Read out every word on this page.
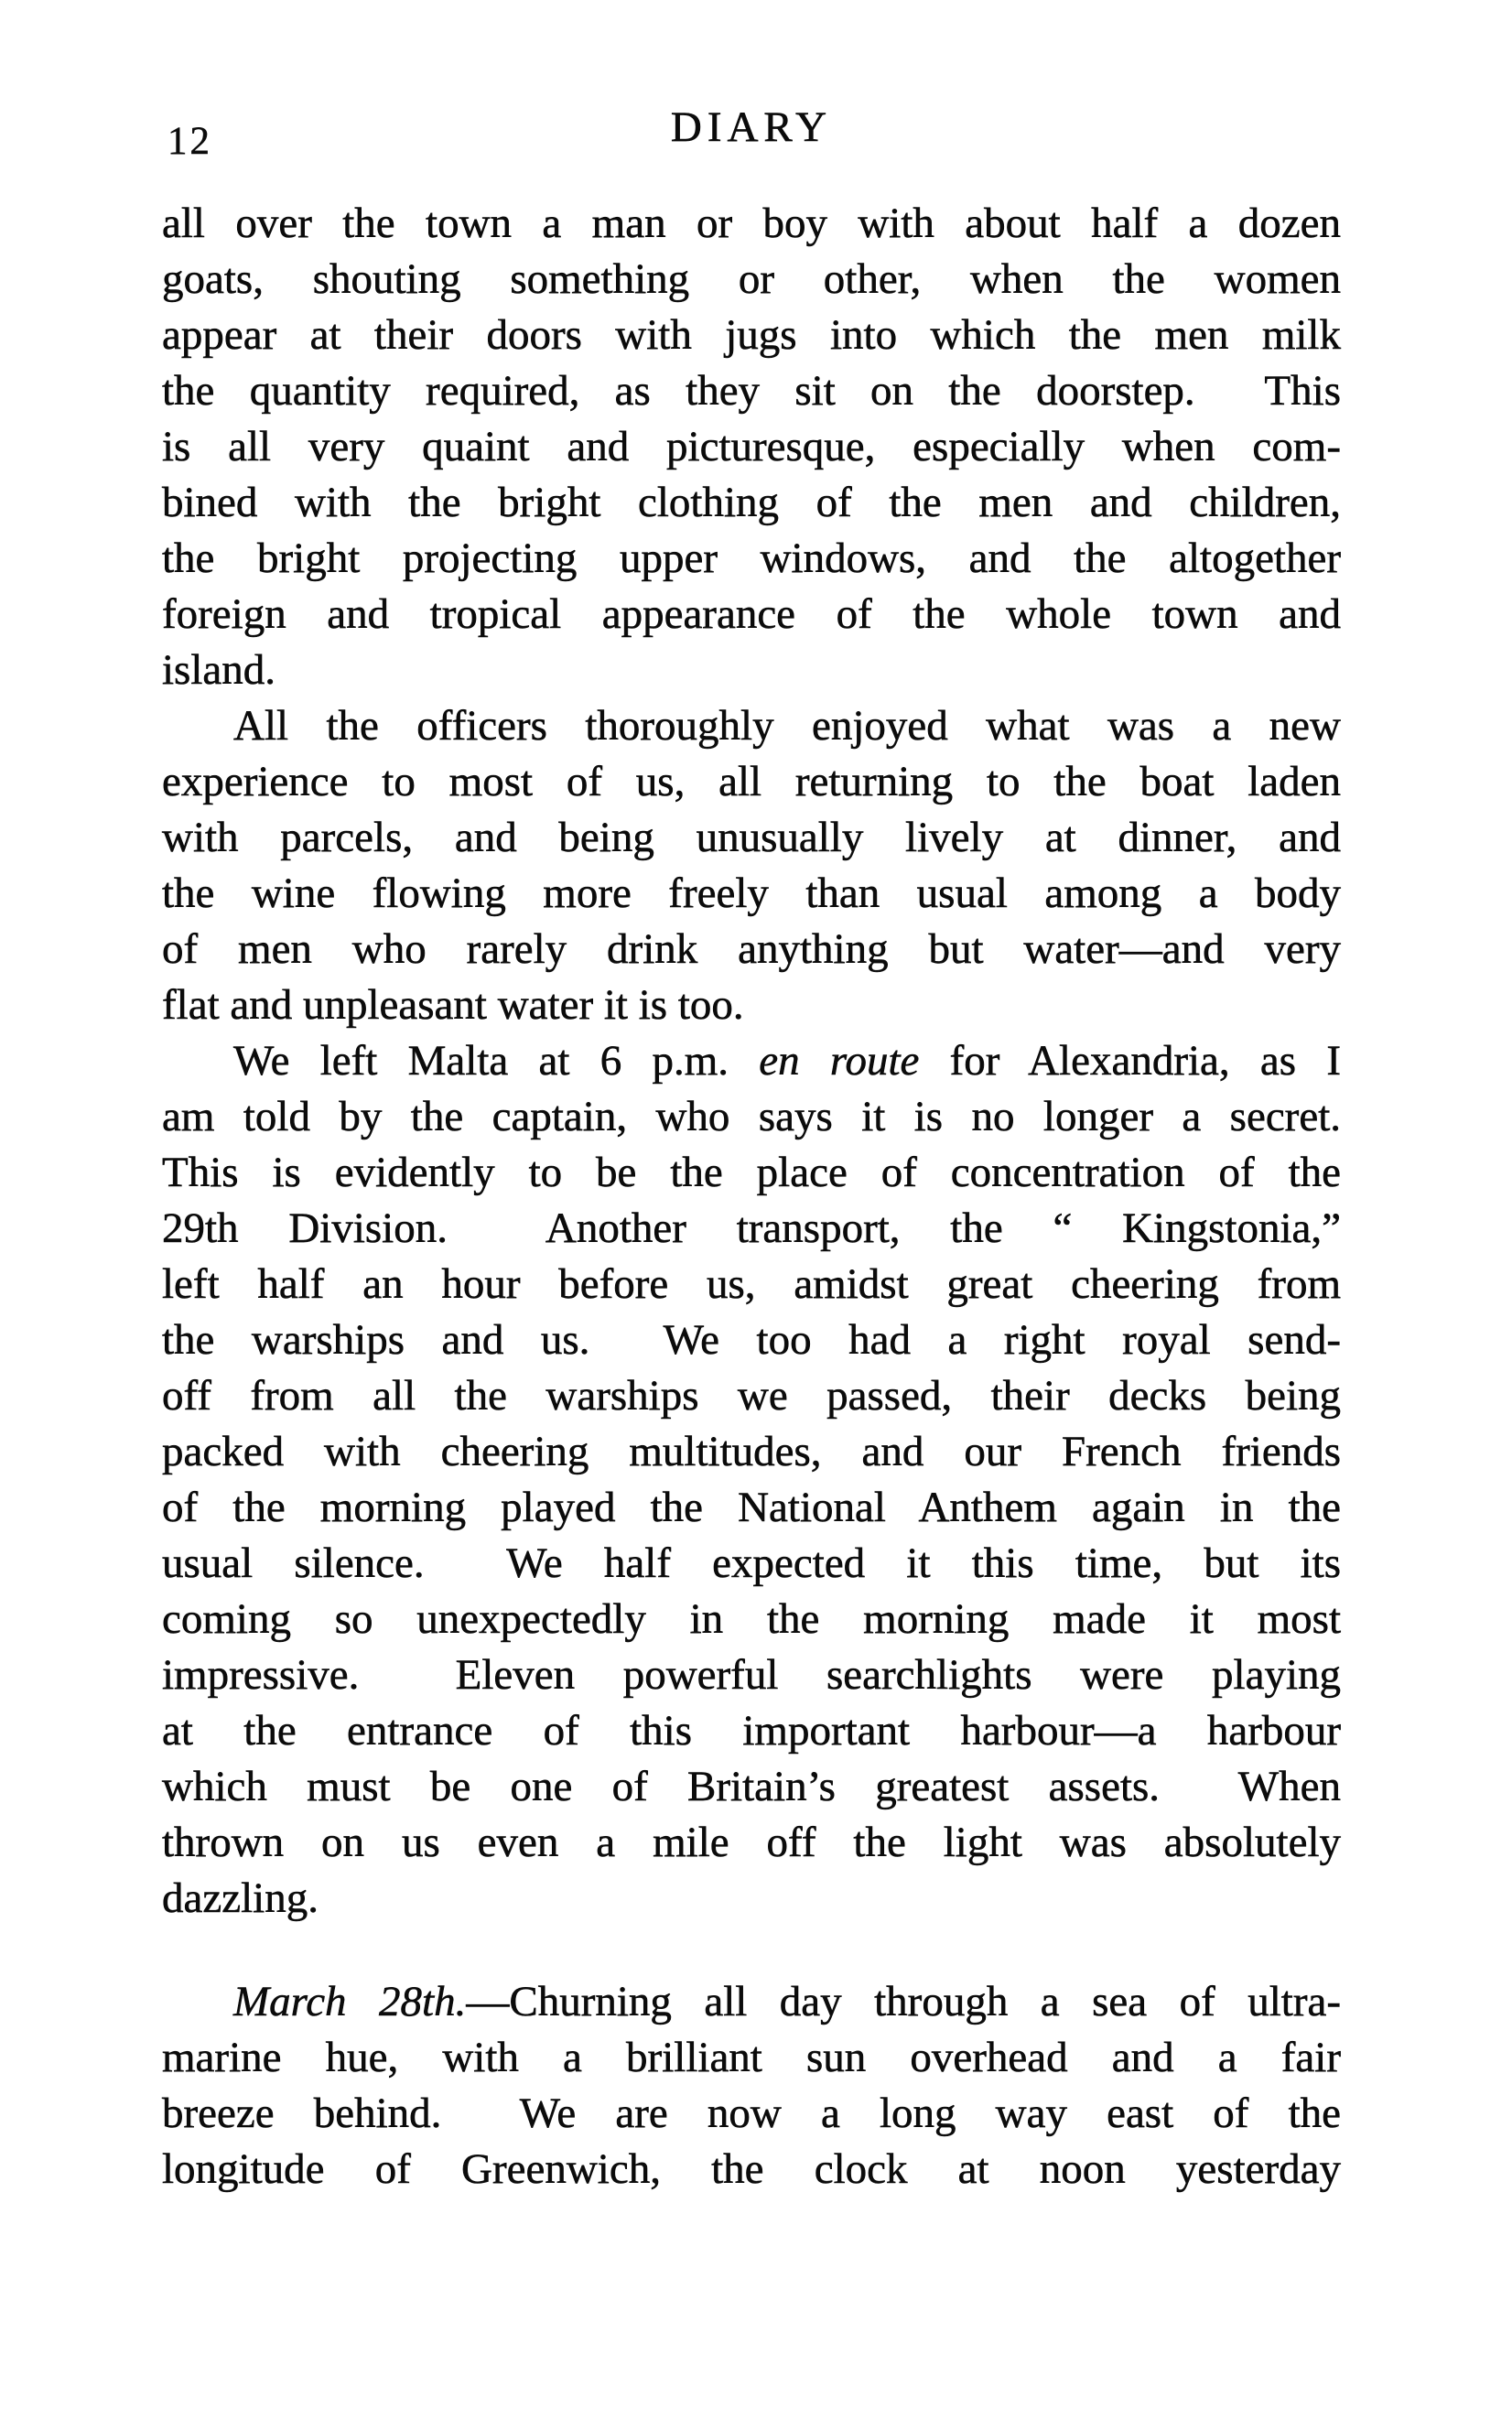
12	DIARY
all over the town a man or boy with about half a dozen
goats, shouting something or other, when the women
appear at their doors with jugs into which the men milk
the quantity required, as they sit on the doorstep.  This
is all very quaint and picturesque, especially when com-
bined with the bright clothing of the men and children,
the bright projecting upper windows, and the altogether
foreign and tropical appearance of the whole town and
island.
All the officers thoroughly enjoyed what was a new
experience to most of us, all returning to the boat laden
with parcels, and being unusually lively at dinner, and
the wine flowing more freely than usual among a body
of men who rarely drink anything but water—and very
flat and unpleasant water it is too.
We left Malta at 6 p.m. en route for Alexandria, as I
am told by the captain, who says it is no longer a secret.
This is evidently to be the place of concentration of the
29th Division.  Another transport, the “ Kingstonia,”
left half an hour before us, amidst great cheering from
the warships and us.  We too had a right royal send-
off from all the warships we passed, their decks being
packed with cheering multitudes, and our French friends
of the morning played the National Anthem again in the
usual silence.  We half expected it this time, but its
coming so unexpectedly in the morning made it most
impressive.  Eleven powerful searchlights were playing
at the entrance of this important harbour—a harbour
which must be one of Britain’s greatest assets.  When
thrown on us even a mile off the light was absolutely
dazzling.
March 28th.—Churning all day through a sea of ultra-
marine hue, with a brilliant sun overhead and a fair
breeze behind.  We are now a long way east of the
longitude of Greenwich, the clock at noon yesterday
